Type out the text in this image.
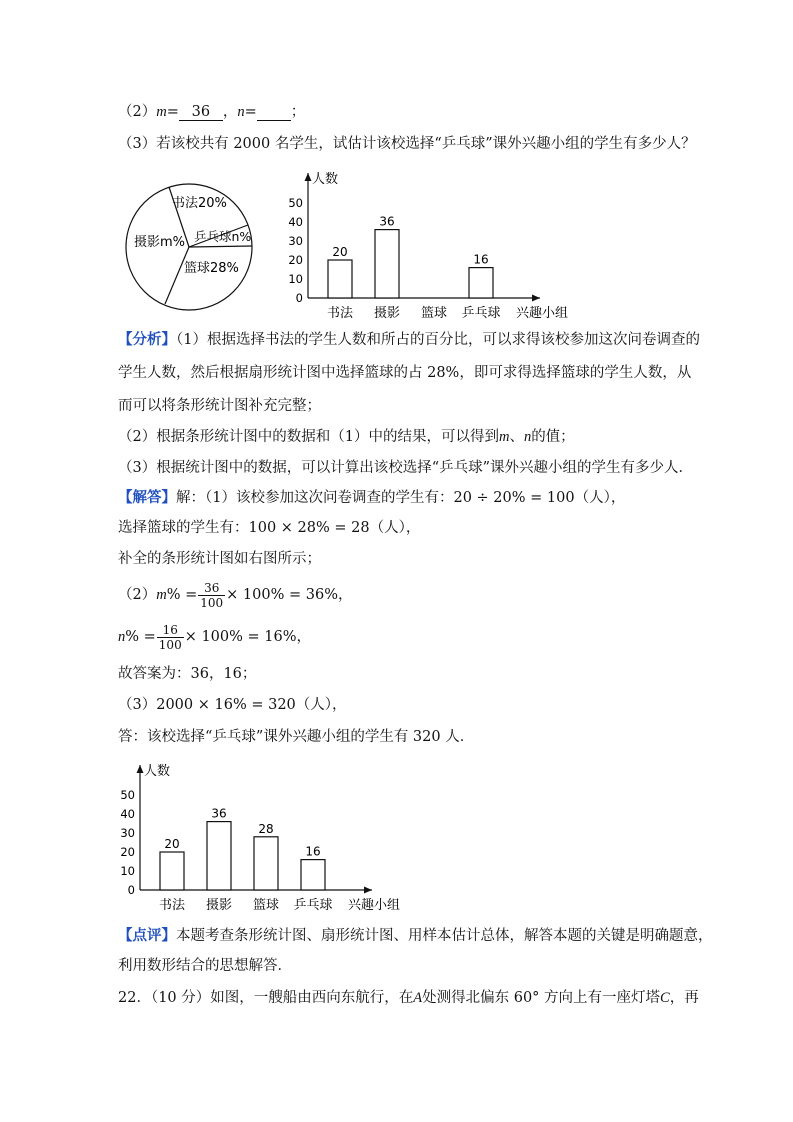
（2）m= 36 ，n= ；
（3）若该校共有 2000 名学生，试估计该校选择“乒乓球”课外兴趣小组的学生有多少人？
书法20%
乒乓球n%
篮球28%
摄影m%
人数
兴趣小组
0
10
20
30
40
50
书法
20
摄影
36
篮球 乒乓球
16
【分析】（1）根据选择书法的学生人数和所占的百分比，可以求得该校参加这次问卷调查的
学生人数，然后根据扇形统计图中选择篮球的占 28%，即可求得选择篮球的学生人数，从
而可以将条形统计图补充完整；
（2）根据条形统计图中的数据和（1）中的结果，可以得到m、n的值；
（3）根据统计图中的数据，可以计算出该校选择“乒乓球”课外兴趣小组的学生有多少人．
【解答】解：（1）该校参加这次问卷调查的学生有：20 ÷ 20% = 100（人），
选择篮球的学生有：100 × 28% = 28（人），
补全的条形统计图如右图所示；
$(2)m\% = \frac{36}{100} \times 100\% = 36\%$，
$n\% = \frac{16}{100} \times 100\% = 16\%$，
故答案为：36，16；
（3）2000 × 16% = 320（人），
答：该校选择“乒乓球”课外兴趣小组的学生有 320 人．
人数
兴趣小组
0
10
20
30
40
50
书法
20
摄影
36
篮球
28
乒乓球
16
【点评】本题考查条形统计图、扇形统计图、用样本估计总体，解答本题的关键是明确题意，
利用数形结合的思想解答．
22．（10 分）如图，一艘船由西向东航行，在A处测得北偏东 60° 方向上有一座灯塔C，再
